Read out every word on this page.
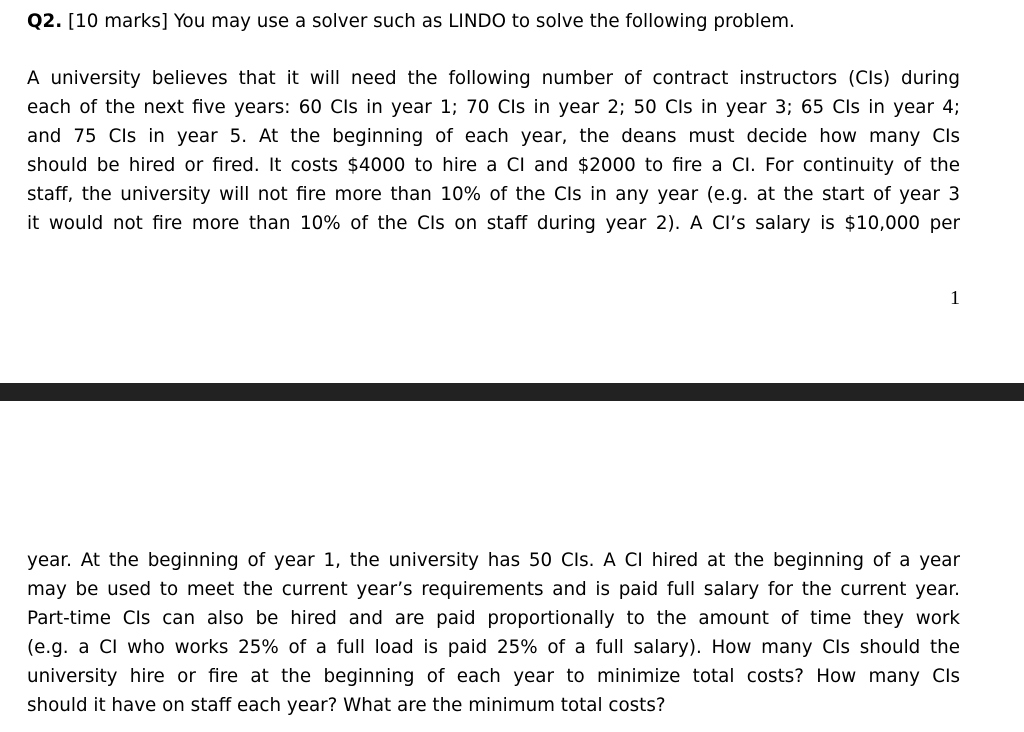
Q2. [10 marks] You may use a solver such as LINDO to solve the following problem.
A university believes that it will need the following number of contract instructors (CIs) during
each of the next five years: 60 CIs in year 1; 70 CIs in year 2; 50 CIs in year 3; 65 CIs in year 4;
and 75 CIs in year 5. At the beginning of each year, the deans must decide how many CIs
should be hired or fired. It costs $4000 to hire a CI and $2000 to fire a CI. For continuity of the
staff, the university will not fire more than 10% of the CIs in any year (e.g. at the start of year 3
it would not fire more than 10% of the CIs on staff during year 2). A CI’s salary is $10,000 per
1
year. At the beginning of year 1, the university has 50 CIs. A CI hired at the beginning of a year
may be used to meet the current year’s requirements and is paid full salary for the current year.
Part-time CIs can also be hired and are paid proportionally to the amount of time they work
(e.g. a CI who works 25% of a full load is paid 25% of a full salary). How many CIs should the
university hire or fire at the beginning of each year to minimize total costs? How many CIs
should it have on staff each year? What are the minimum total costs?
